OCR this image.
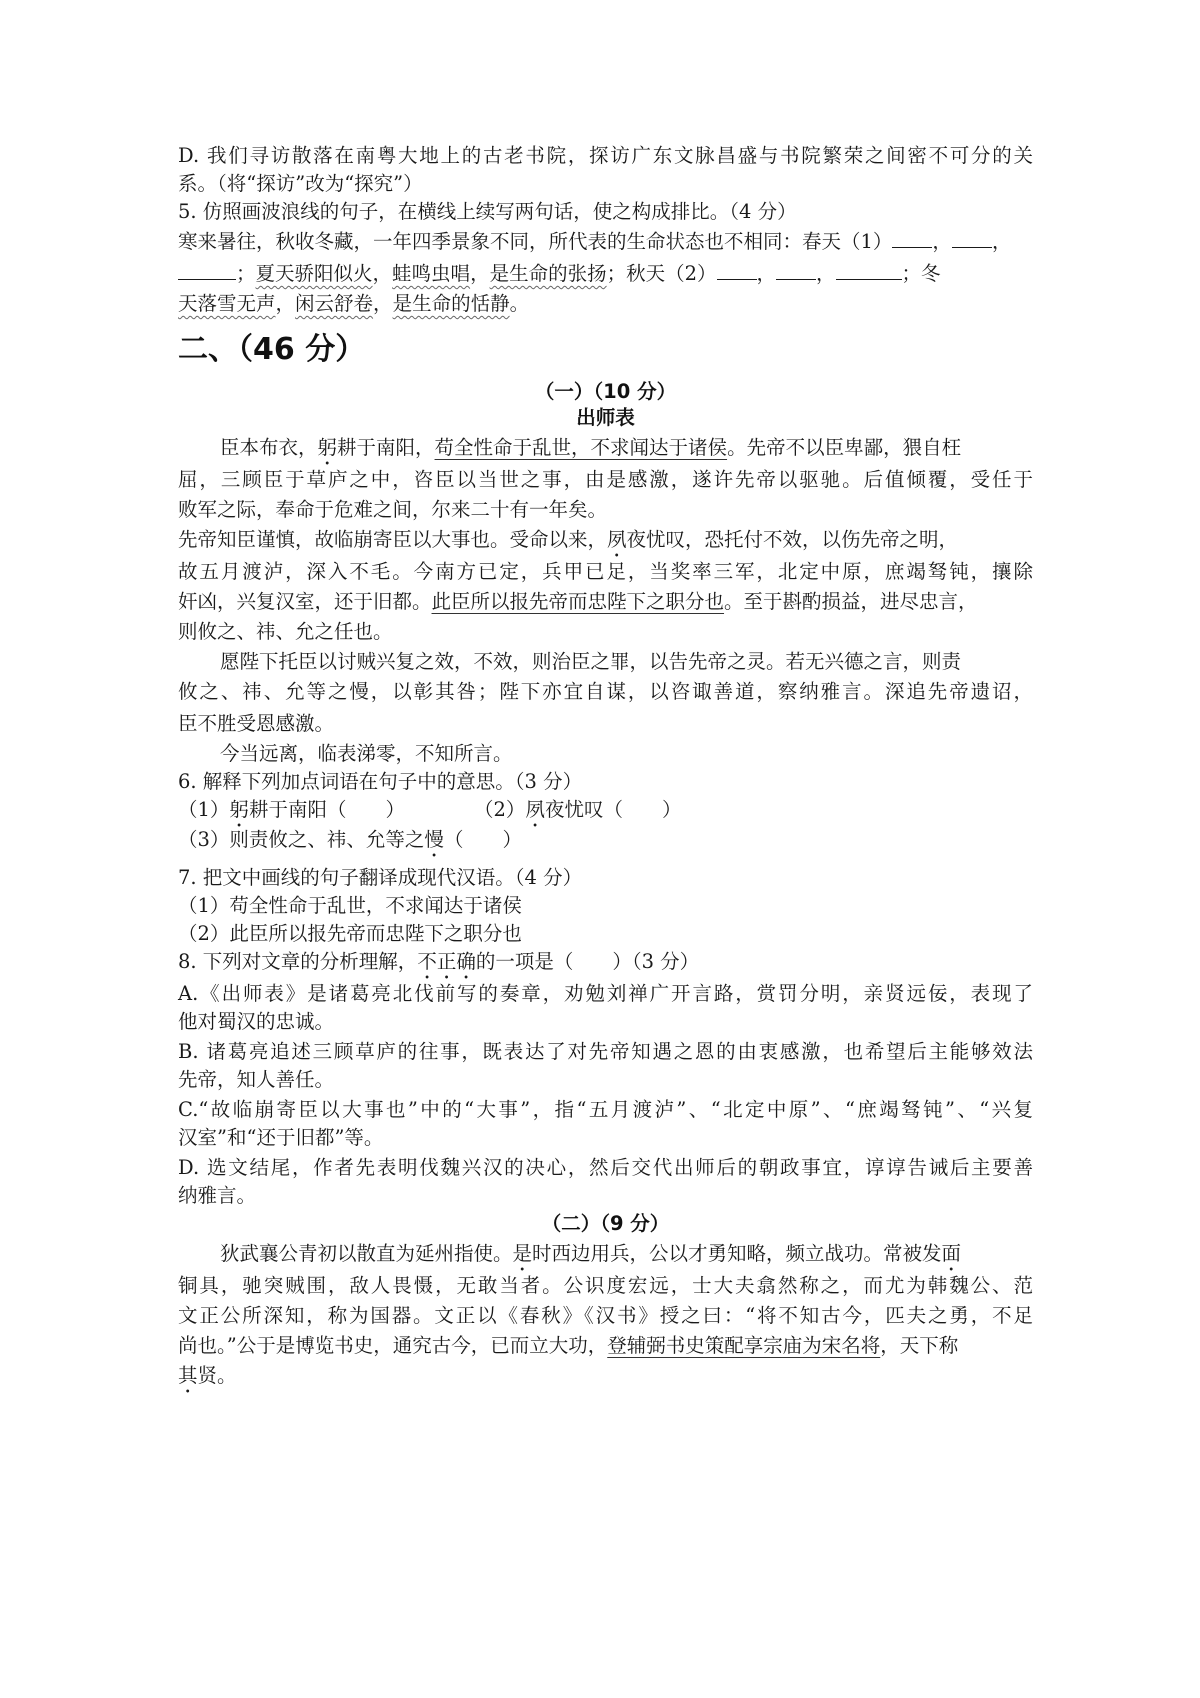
D. 我们寻访散落在南粤大地上的古老书院，探访广东文脉昌盛与书院繁荣之间密不可分的关
系。（将“探访”改为“探究”）
5. 仿照画波浪线的句子，在横线上续写两句话，使之构成排比。（4 分）
寒来暑往，秋收冬藏，一年四季景象不同，所代表的生命状态也不相同：春天（1） ， ，
；夏天骄阳似火，蛙鸣虫唱，是生命的张扬；秋天（2） ， ，	；冬
天落雪无声，闲云舒卷，是生命的恬静。
二、（46 分）
（一）（10 分）
出师表
臣本布衣，躬耕于南阳，苟全性命于乱世，不求闻达于诸侯。先帝不以臣卑鄙，猥自枉
屈，三顾臣于草庐之中，咨臣以当世之事，由是感激，遂许先帝以驱驰。后值倾覆，受任于
败军之际，奉命于危难之间，尔来二十有一年矣。
先帝知臣谨慎，故临崩寄臣以大事也。受命以来，夙夜忧叹，恐托付不效，以伤先帝之明，
故五月渡泸，深入不毛。今南方已定，兵甲已足，当奖率三军，北定中原，庶竭驽钝，攘除
奸凶，兴复汉室，还于旧都。此臣所以报先帝而忠陛下之职分也。至于斟酌损益，进尽忠言，
则攸之、祎、允之任也。
愿陛下托臣以讨贼兴复之效，不效，则治臣之罪，以告先帝之灵。若无兴德之言，则责
攸之、祎、允等之慢，以彰其咎；陛下亦宜自谋，以咨诹善道，察纳雅言。深追先帝遗诏，
臣不胜受恩感激。
今当远离，临表涕零，不知所言。
6. 解释下列加点词语在句子中的意思。（3 分）
（1）躬耕于南阳（　　）	（2）夙夜忧叹（　　）
（3）则责攸之、祎、允等之慢（　　）
7. 把文中画线的句子翻译成现代汉语。（4 分）
（1）苟全性命于乱世，不求闻达于诸侯
（2）此臣所以报先帝而忠陛下之职分也
8. 下列对文章的分析理解，不正确的一项是（　　）（3 分）
A.《出师表》是诸葛亮北伐前写的奏章，劝勉刘禅广开言路，赏罚分明，亲贤远佞，表现了
他对蜀汉的忠诚。
B. 诸葛亮追述三顾草庐的往事，既表达了对先帝知遇之恩的由衷感激，也希望后主能够效法
先帝，知人善任。
C.“故临崩寄臣以大事也”中的“大事”，指“五月渡泸”、“北定中原”、“庶竭驽钝”、“兴复
汉室”和“还于旧都”等。
D. 选文结尾，作者先表明伐魏兴汉的决心，然后交代出师后的朝政事宜，谆谆告诫后主要善
纳雅言。
（二）（9 分）
狄武襄公青初以散直为延州指使。是时西边用兵，公以才勇知略，频立战功。常被发面
铜具，驰突贼围，敌人畏慑，无敢当者。公识度宏远，士大夫翕然称之，而尤为韩魏公、范
文正公所深知，称为国器。文正以《春秋》《汉书》授之曰：“将不知古今，匹夫之勇，不足
尚也。”公于是博览书史，通究古今，已而立大功，登辅弼书史策配享宗庙为宋名将，天下称
其贤。
